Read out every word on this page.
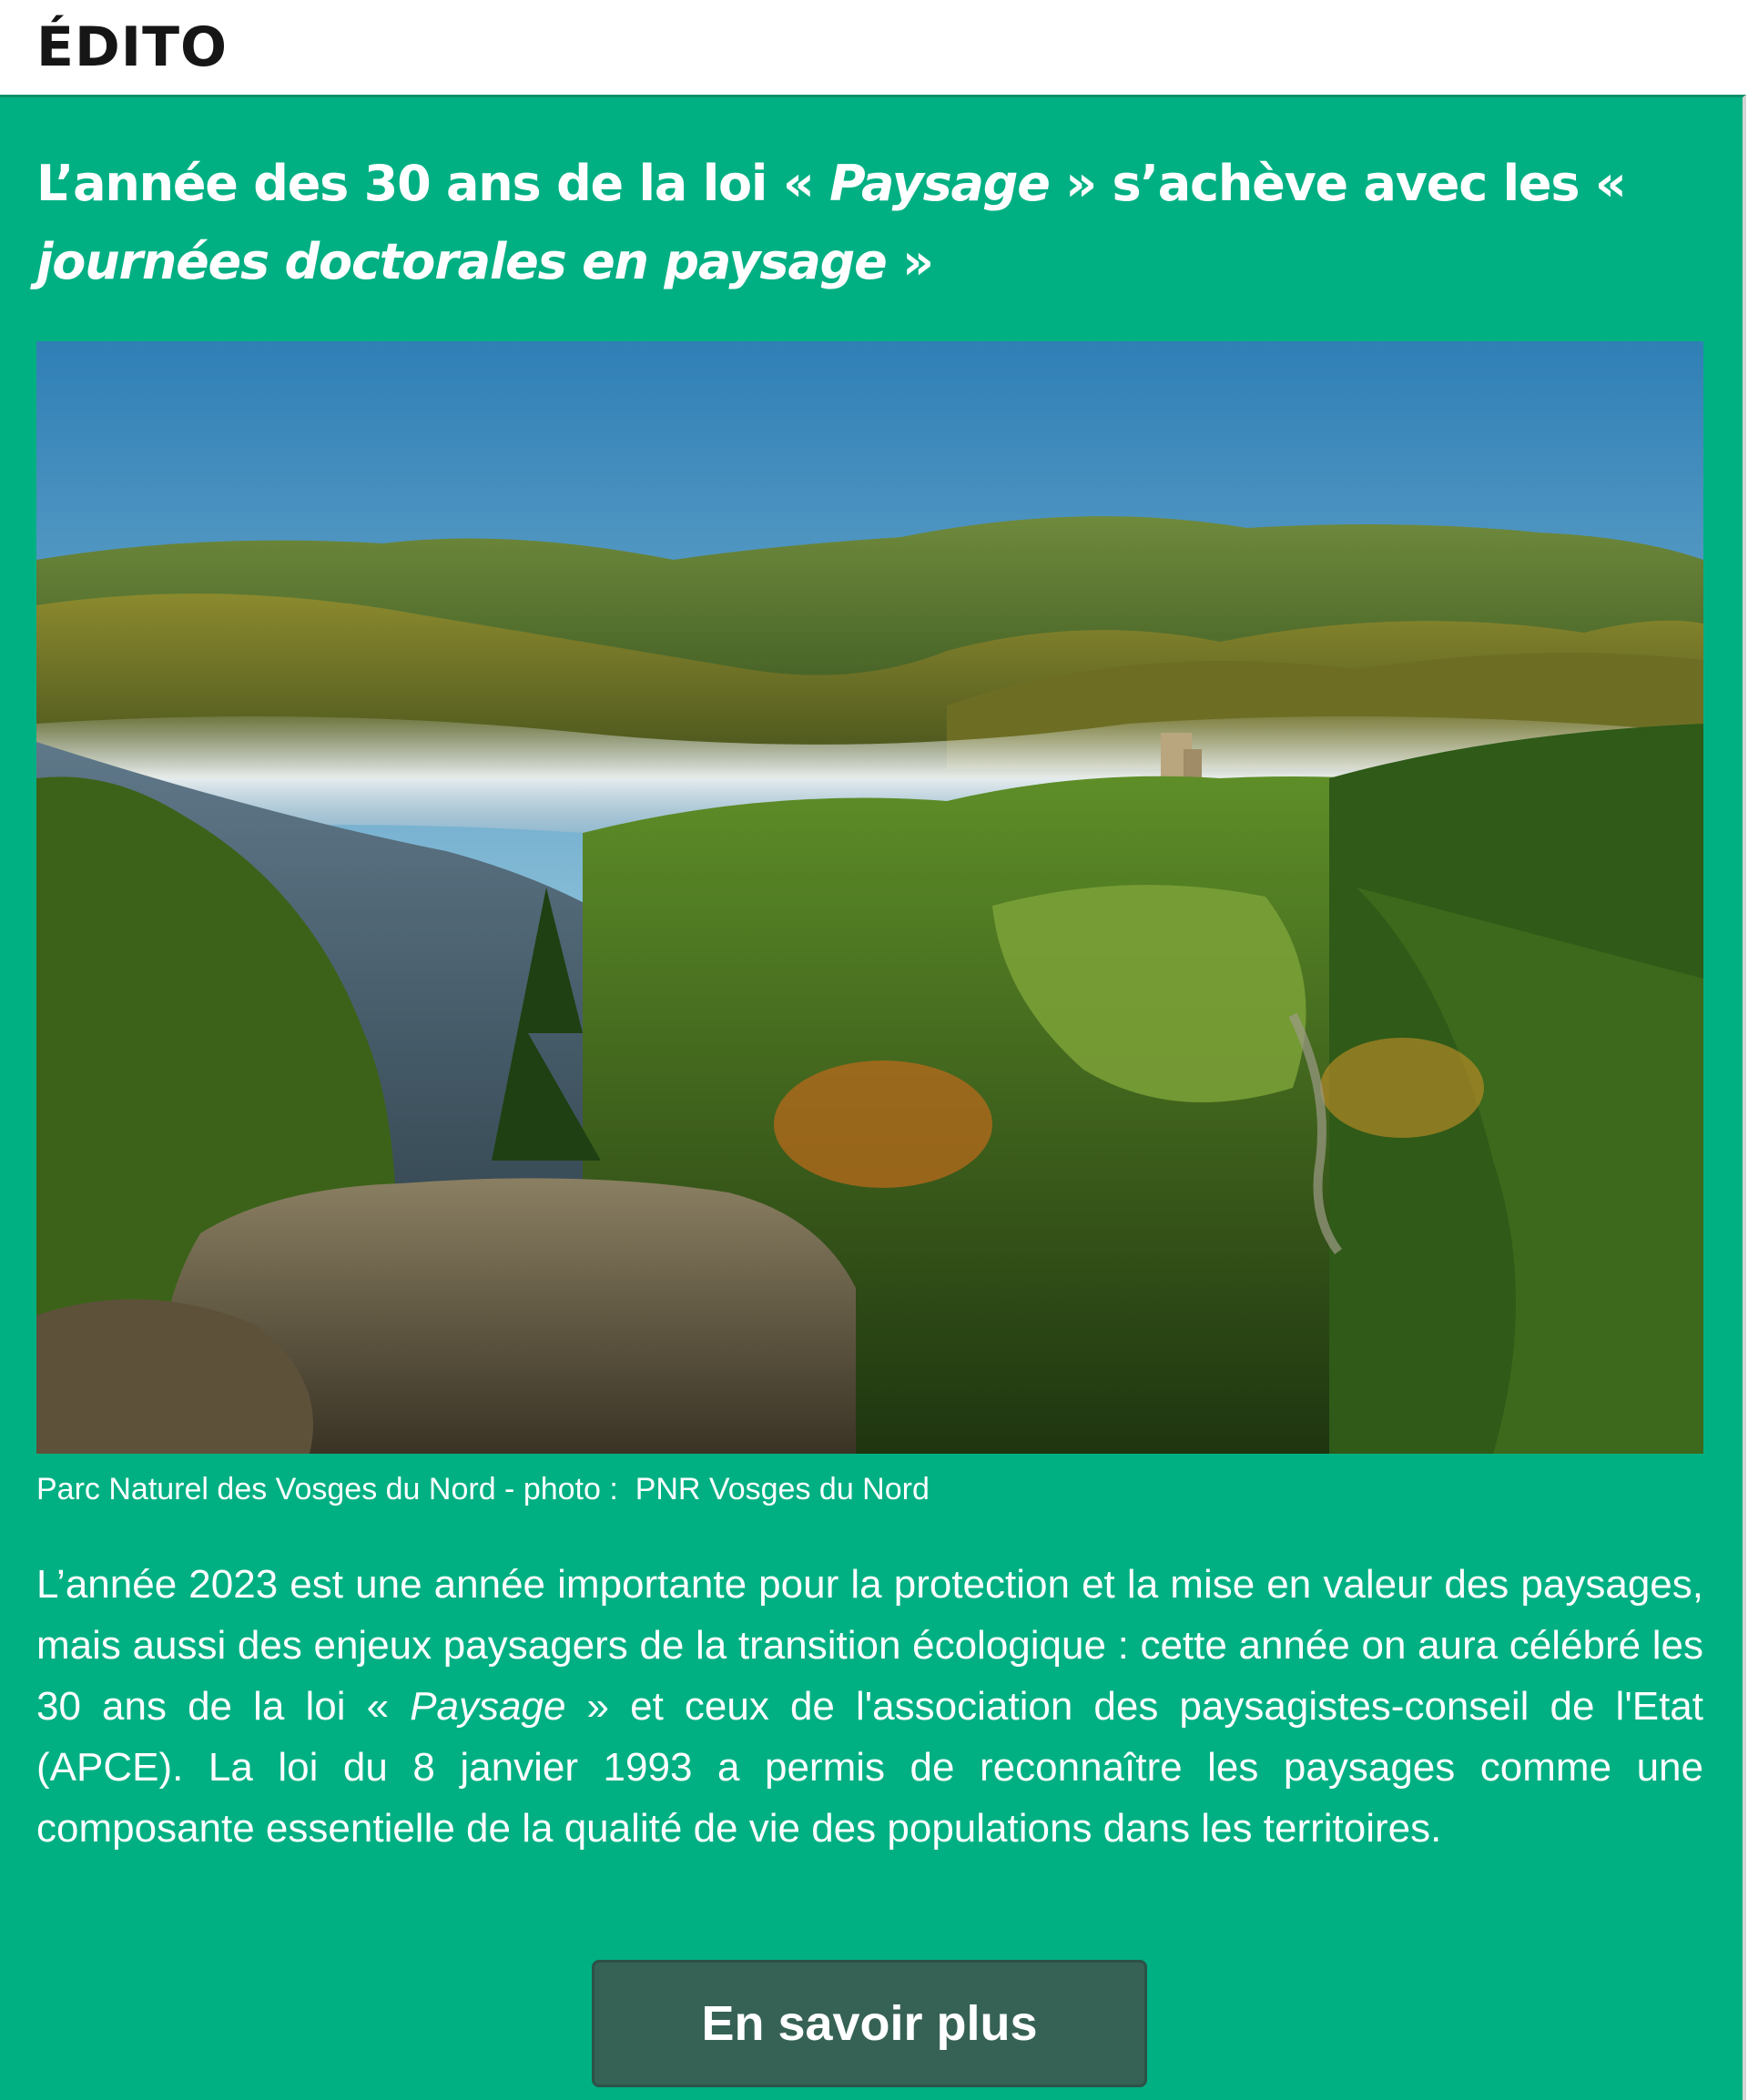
ÉDITO
L’année des 30 ans de la loi « Paysage » s’achève avec les « journées doctorales en paysage »
Parc Naturel des Vosges du Nord - photo :  PNR Vosges du Nord

L’année 2023 est une année importante pour la protection et la mise en valeur des paysages, mais aussi des enjeux paysagers de la transition écologique : cette année on aura célébré les 30 ans de la loi « Paysage » et ceux de l'association des paysagistes-conseil de l'Etat (APCE). La loi du 8 janvier 1993 a permis de reconnaître les paysages comme une composante essentielle de la qualité de vie des populations dans les territoires.

En savoir plus
